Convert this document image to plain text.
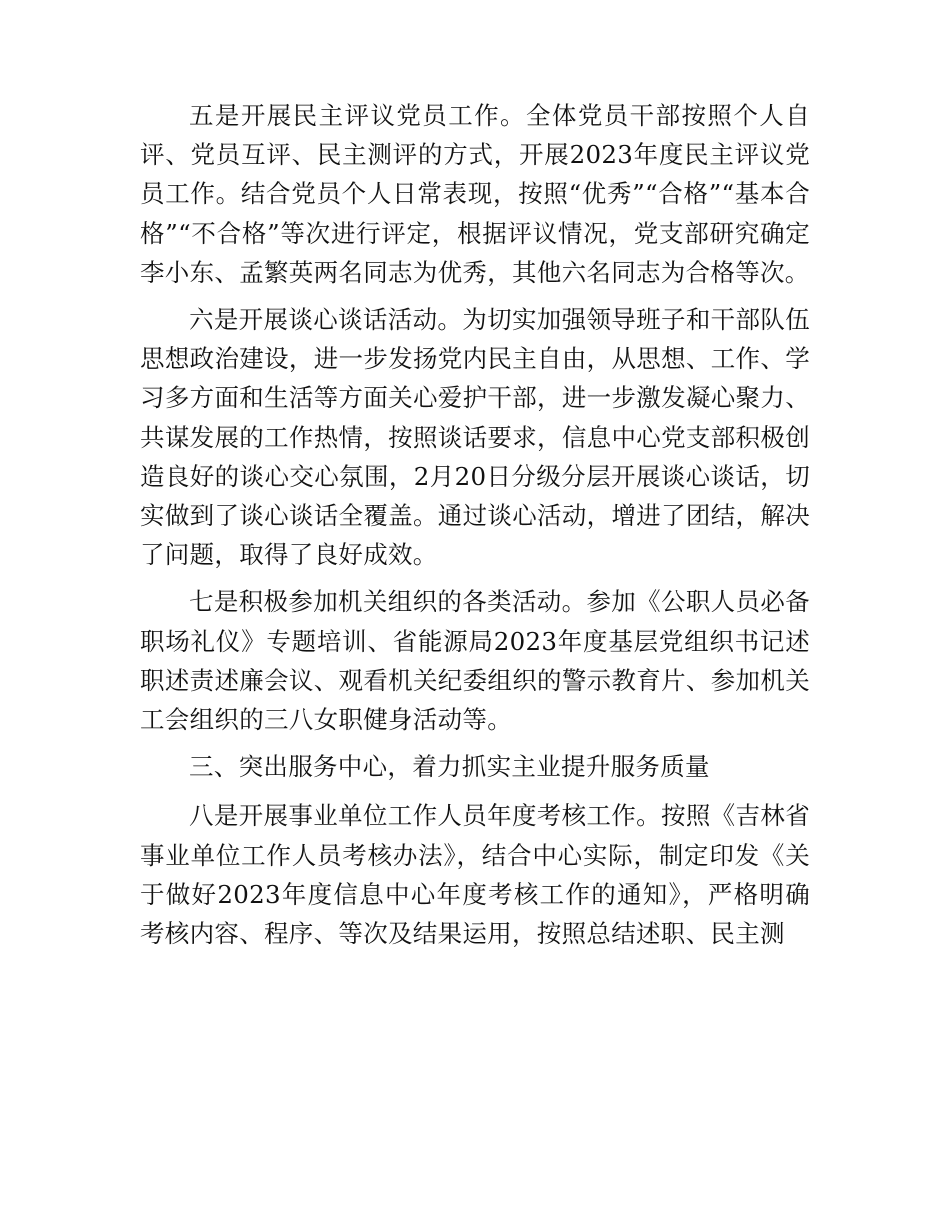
五是开展民主评议党员工作。全体党员干部按照个人自评、党员互评、民主测评的方式，开展2023年度民主评议党员工作。结合党员个人日常表现，按照“优秀”“合格”“基本合格”“不合格”等次进行评定，根据评议情况，党支部研究确定李小东、孟繁英两名同志为优秀，其他六名同志为合格等次。

六是开展谈心谈话活动。为切实加强领导班子和干部队伍思想政治建设，进一步发扬党内民主自由，从思想、工作、学习多方面和生活等方面关心爱护干部，进一步激发凝心聚力、共谋发展的工作热情，按照谈话要求，信息中心党支部积极创造良好的谈心交心氛围，2月20日分级分层开展谈心谈话，切实做到了谈心谈话全覆盖。通过谈心活动，增进了团结，解决了问题，取得了良好成效。

七是积极参加机关组织的各类活动。参加《公职人员必备职场礼仪》专题培训、省能源局2023年度基层党组织书记述职述责述廉会议、观看机关纪委组织的警示教育片、参加机关工会组织的三八女职健身活动等。

三、突出服务中心，着力抓实主业提升服务质量

八是开展事业单位工作人员年度考核工作。按照《吉林省事业单位工作人员考核办法》，结合中心实际，制定印发《关于做好2023年度信息中心年度考核工作的通知》，严格明确考核内容、程序、等次及结果运用，按照总结述职、民主测
